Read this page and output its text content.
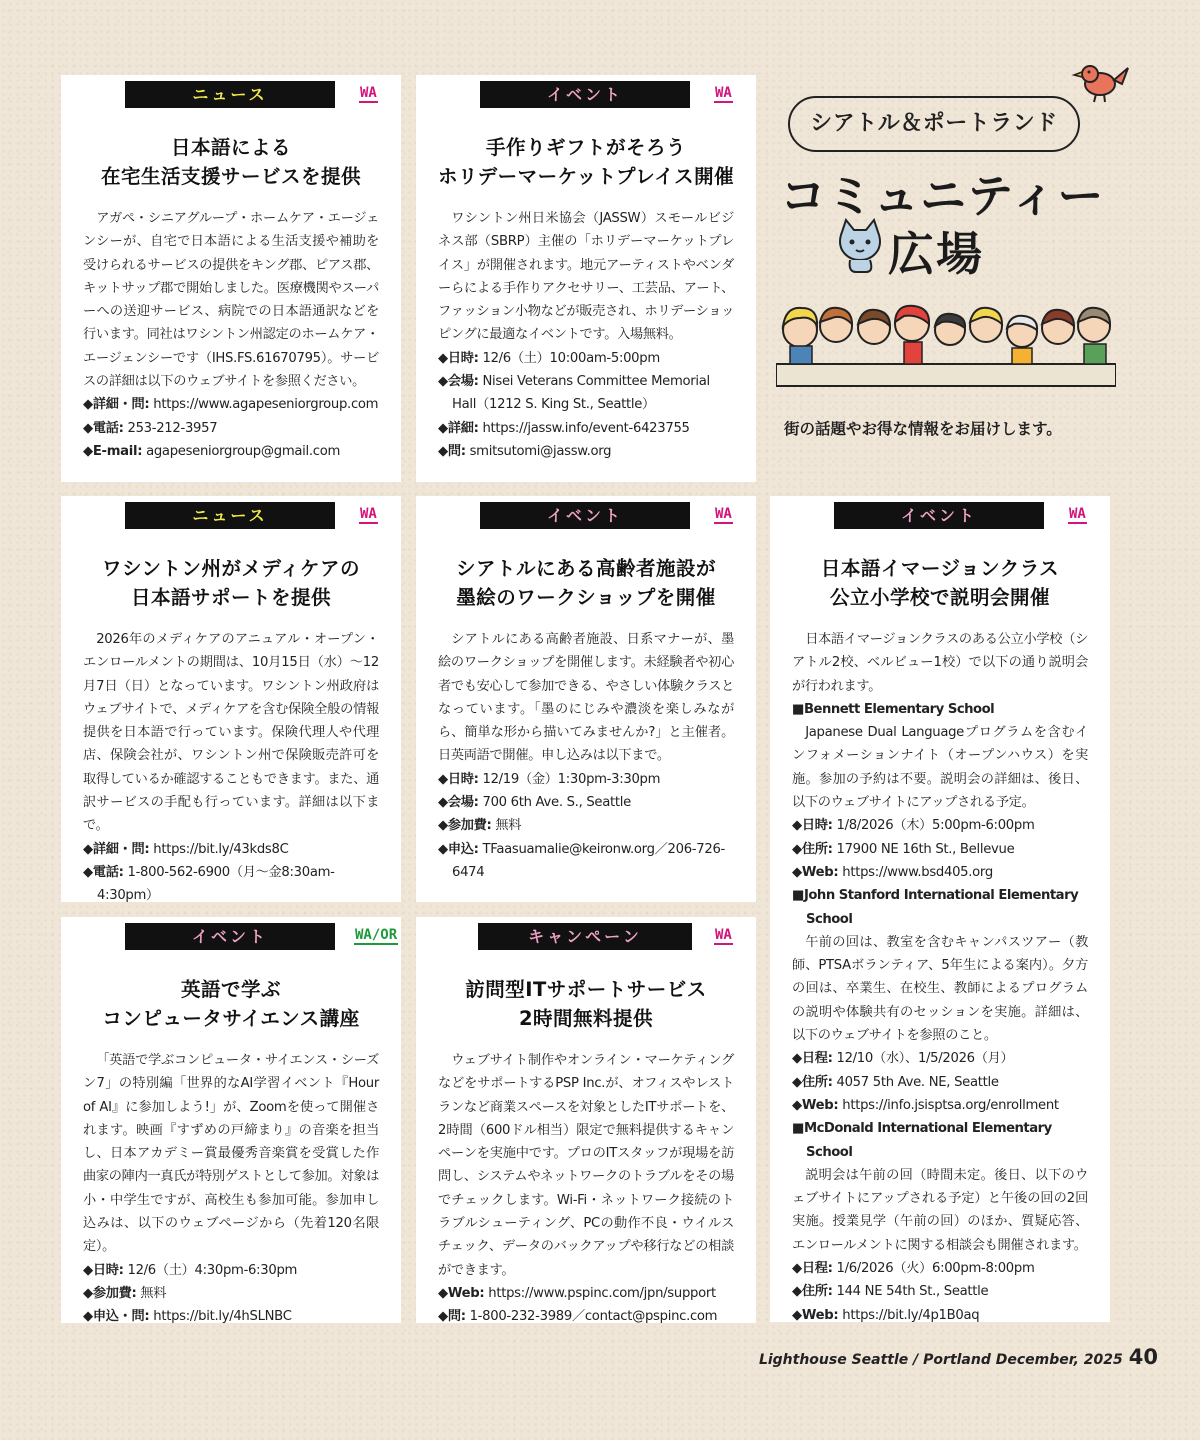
ニュース	WA
日本語による
在宅生活支援サービスを提供

アガペ・シニアグループ・ホームケア・エージェンシーが、自宅で日本語による生活支援や補助を受けられるサービスの提供をキング郡、ピアス郡、キットサップ郡で開始しました。医療機関やスーパーへの送迎サービス、病院での日本語通訳などを行います。同社はワシントン州認定のホームケア・エージェンシーです（IHS.FS.61670795）。サービスの詳細は以下のウェブサイトを参照ください。

◆詳細・問: https://www.agapeseniorgroup.com
◆電話: 253-212-3957
◆E-mail: agapeseniorgroup@gmail.com
イベント	WA
手作りギフトがそろう
ホリデーマーケットプレイス開催

ワシントン州日米協会（JASSW）スモールビジネス部（SBRP）主催の「ホリデーマーケットプレイス」が開催されます。地元アーティストやベンダーらによる手作りアクセサリー、工芸品、アート、ファッション小物などが販売され、ホリデーショッピングに最適なイベントです。入場無料。

◆日時: 12/6（土）10:00am-5:00pm
◆会場: Nisei Veterans Committee Memorial Hall（1212 S. King St., Seattle）
◆詳細: https://jassw.info/event-6423755
◆問: smitsutomi@jassw.org
シアトル＆ポートランド
コミュニティー
広場
街の話題やお得な情報をお届けします。
ニュース	WA
ワシントン州がメディケアの
日本語サポートを提供

2026年のメディケアのアニュアル・オープン・エンロールメントの期間は、10月15日（水）～12月7日（日）となっています。ワシントン州政府はウェブサイトで、メディケアを含む保険全般の情報提供を日本語で行っています。保険代理人や代理店、保険会社が、ワシントン州で保険販売許可を取得しているか確認することもできます。また、通訳サービスの手配も行っています。詳細は以下まで。

◆詳細・問: https://bit.ly/43kds8C
◆電話: 1-800-562-6900（月～金8:30am-4:30pm）
イベント	WA
シアトルにある高齢者施設が
墨絵のワークショップを開催

シアトルにある高齢者施設、日系マナーが、墨絵のワークショップを開催します。未経験者や初心者でも安心して参加できる、やさしい体験クラスとなっています。「墨のにじみや濃淡を楽しみながら、簡単な形から描いてみませんか?」と主催者。日英両語で開催。申し込みは以下まで。

◆日時: 12/19（金）1:30pm-3:30pm
◆会場: 700 6th Ave. S., Seattle
◆参加費: 無料
◆申込: TFaasuamalie@keironw.org／206-726-6474
イベント	WA
日本語イマージョンクラス
公立小学校で説明会開催

日本語イマージョンクラスのある公立小学校（シアトル2校、ベルビュー1校）で以下の通り説明会が行われます。

■Bennett Elementary School

Japanese Dual Languageプログラムを含むインフォメーションナイト（オープンハウス）を実施。参加の予約は不要。説明会の詳細は、後日、以下のウェブサイトにアップされる予定。

◆日時: 1/8/2026（木）5:00pm-6:00pm
◆住所: 17900 NE 16th St., Bellevue
◆Web: https://www.bsd405.org
■John Stanford International Elementary School

午前の回は、教室を含むキャンパスツアー（教師、PTSAボランティア、5年生による案内）。夕方の回は、卒業生、在校生、教師によるプログラムの説明や体験共有のセッションを実施。詳細は、以下のウェブサイトを参照のこと。

◆日程: 12/10（水）、1/5/2026（月）
◆住所: 4057 5th Ave. NE, Seattle
◆Web: https://info.jsisptsa.org/enrollment
■McDonald International Elementary School

説明会は午前の回（時間未定。後日、以下のウェブサイトにアップされる予定）と午後の回の2回実施。授業見学（午前の回）のほか、質疑応答、エンロールメントに関する相談会も開催されます。

◆日程: 1/6/2026（火）6:00pm-8:00pm
◆住所: 144 NE 54th St., Seattle
◆Web: https://bit.ly/4p1B0aq
イベント	WA/OR
英語で学ぶ
コンピュータサイエンス講座

「英語で学ぶコンピュータ・サイエンス・シーズン7」の特別編「世界的なAI学習イベント『Hour of AI』に参加しよう!」が、Zoomを使って開催されます。映画『すずめの戸締まり』の音楽を担当し、日本アカデミー賞最優秀音楽賞を受賞した作曲家の陣内一真氏が特別ゲストとして参加。対象は小・中学生ですが、高校生も参加可能。参加申し込みは、以下のウェブページから（先着120名限定）。

◆日時: 12/6（土）4:30pm-6:30pm
◆参加費: 無料
◆申込・問: https://bit.ly/4hSLNBC
キャンペーン	WA
訪問型ITサポートサービス
2時間無料提供

ウェブサイト制作やオンライン・マーケティングなどをサポートするPSP Inc.が、オフィスやレストランなど商業スペースを対象としたITサポートを、2時間（600ドル相当）限定で無料提供するキャンペーンを実施中です。プロのITスタッフが現場を訪問し、システムやネットワークのトラブルをその場でチェックします。Wi-Fi・ネットワーク接続のトラブルシューティング、PCの動作不良・ウイルスチェック、データのバックアップや移行などの相談ができます。

◆Web: https://www.pspinc.com/jpn/support
◆問: 1-800-232-3989／contact@pspinc.com
Lighthouse Seattle / Portland December, 2025 40
